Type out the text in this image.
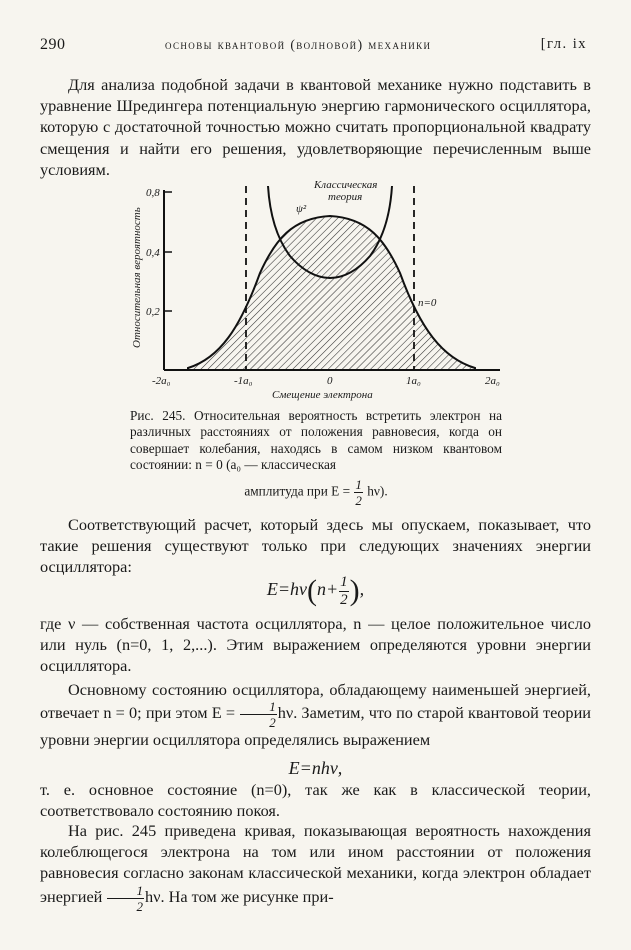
290	основы квантовой (волновой) механики	[гл. ix
Для анализа подобной задачи в квантовой механике нужно подставить в уравнение Шредингера потенциальную энергию гармонического осциллятора, которую с достаточной точностью можно считать пропорциональной квадрату смещения и найти его решения, удовлетворяющие перечисленным выше условиям.
0,8
0,4
0,2
Относительная вероятность
-2a₀	-1a₀	0	1a₀	2a₀
Смещение электрона
Классическая
теория
ψ²
n=0
Рис. 245. Относительная вероятность встретить электрон на различных расстояниях от положения равновесия, когда он совершает колебания, находясь в самом низком квантовом состоянии: n = 0 (a₀ — классическая
амплитуда при $E = \frac{1}{2} h\nu$).
Соответствующий расчет, который здесь мы опускаем, показывает, что такие решения существуют только при следующих значениях энергии осциллятора:
$E=h\nu(n+ \frac{1}{2}$ ),
где ν — собственная частота осциллятора, n — целое положительное число или нуль (n=0, 1, 2,...). Этим выражением определяются уровни энергии осциллятора.
Основному состоянию осциллятора, обладающему наименьшей энергией, отвечает n = 0; при этом $E = \frac{1}{2} h\nu$. Заметим, что по старой квантовой теории уровни энергии осциллятора определялись выражением
E=nhν,
т. е. основное состояние (n=0), так же как в классической теории, соответствовало состоянию покоя.
На рис. 245 приведена кривая, показывающая вероятность нахождения колеблющегося электрона на том или ином расстоянии от положения равновесия согласно законам классической механики, когда электрон обладает энергией $\frac{1}{2} h\nu$. На том же рисунке при-
